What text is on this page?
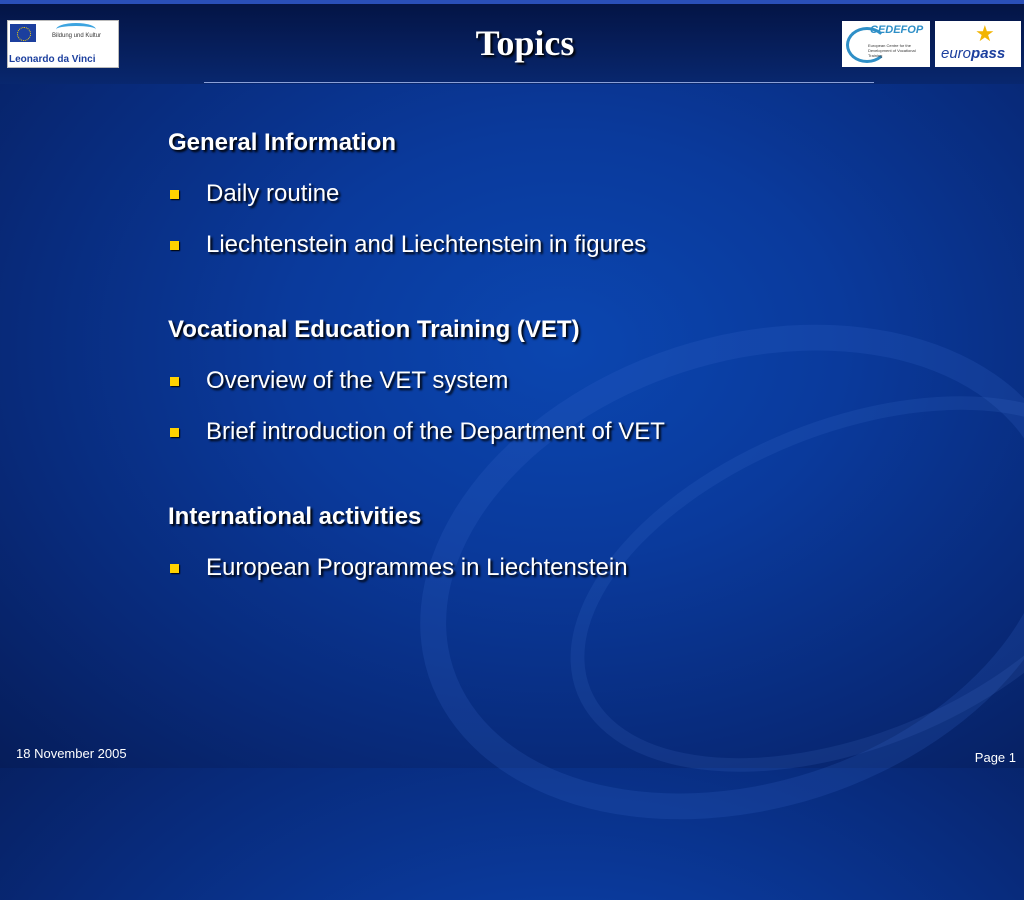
Bildung und Kultur
Leonardo da Vinci	Topics	CEDEFOP
European Centre for the Development of Vocational Training
★
europass
General Information
Daily routine
Liechtenstein and Liechtenstein in figures
Vocational Education Training (VET)
Overview of the VET system
Brief introduction of the Department of VET
International activities
European Programmes in Liechtenstein
18 November 2005	Page 1
